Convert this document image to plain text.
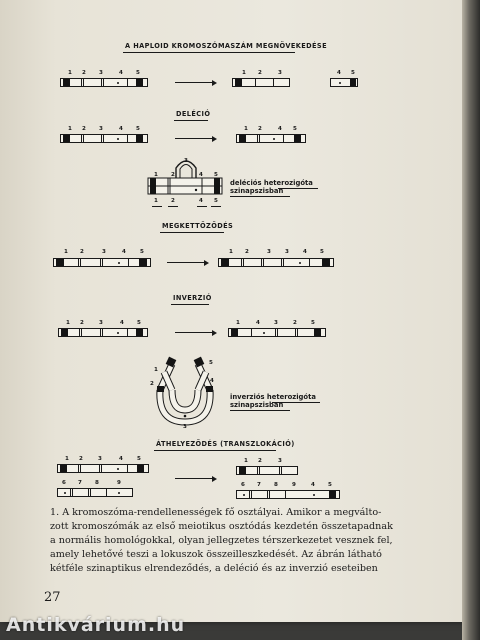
A HAPLOID KROMOSZÓMASZÁM MEGNÖVEKEDÉSE
1 2 3	4 5	1 2	3	4 5
DELÉCIÓ
1 2 3	4 5	1 2	4 5
1 2
3
4 5
1 2	4 5
deléciós heterozigóta
szinapszisban
MEGKETTŐZŐDÉS
1 2	3	4	5	1 2	3	3	4 5
INVERZIÓ
1 2	3	4 5	1	4	3	2	5
1
2
3
4
5
inverziós heterozigóta
szinapszisban
ÁTHELYEZŐDÉS (TRANSZLOKÁCIÓ)
1 2	3	4	5
6 7 8	9
1 2	3
6 7 8	9	4 5
1. A kromoszóma-rendellenességek fő osztályai. Amikor a megválto-
zott kromoszómák az első meiotikus osztódás kezdetén összetapadnak
a normális homológokkal, olyan jellegzetes térszerkezetet vesznek fel,
amely lehetővé teszi a lokuszok összeilleszkedését. Az ábrán látható
kétféle szinaptikus elrendeződés, a deléció és az inverzió eseteiben
27
Antikvárium.hu
